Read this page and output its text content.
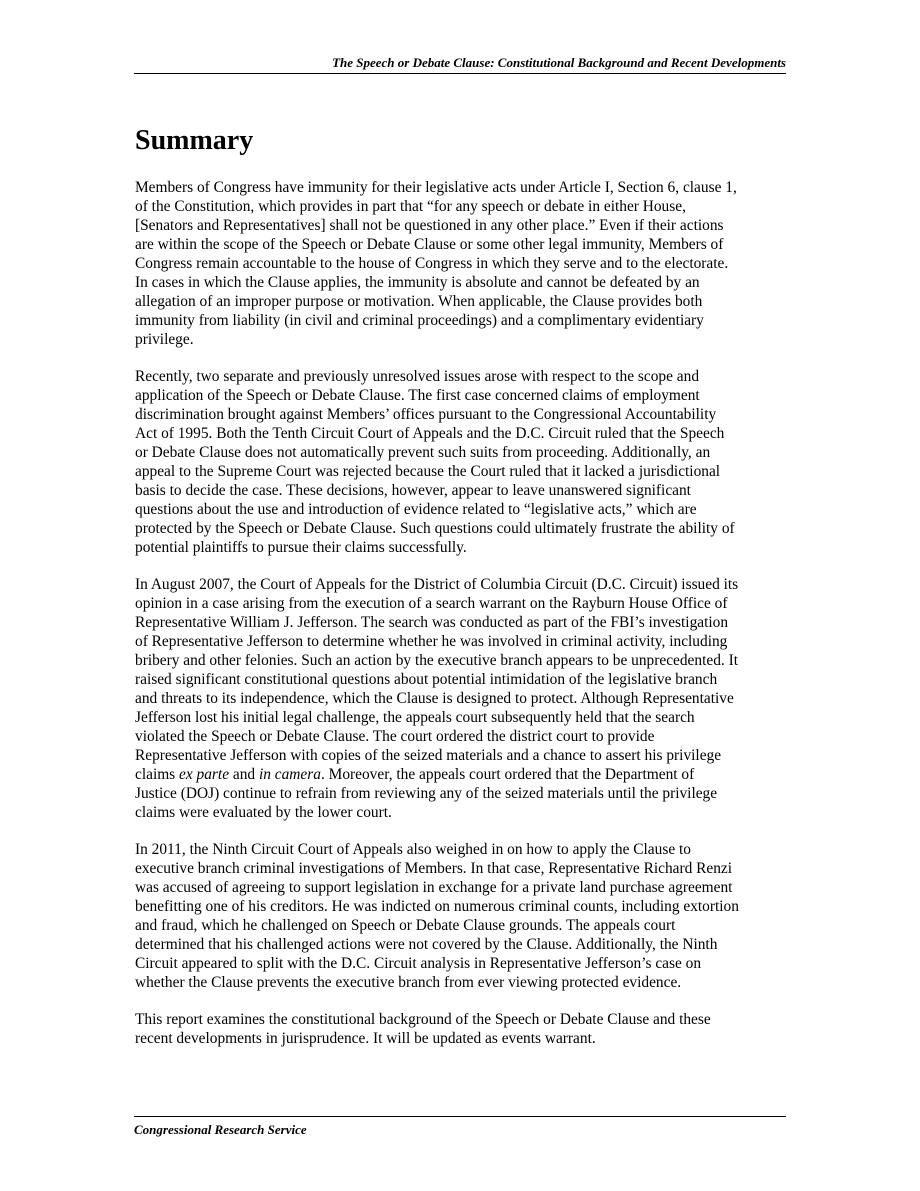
The Speech or Debate Clause: Constitutional Background and Recent Developments
Summary

Members of Congress have immunity for their legislative acts under Article I, Section 6, clause 1,
of the Constitution, which provides in part that “for any speech or debate in either House,
[Senators and Representatives] shall not be questioned in any other place.” Even if their actions
are within the scope of the Speech or Debate Clause or some other legal immunity, Members of
Congress remain accountable to the house of Congress in which they serve and to the electorate.
In cases in which the Clause applies, the immunity is absolute and cannot be defeated by an
allegation of an improper purpose or motivation. When applicable, the Clause provides both
immunity from liability (in civil and criminal proceedings) and a complimentary evidentiary
privilege.

Recently, two separate and previously unresolved issues arose with respect to the scope and
application of the Speech or Debate Clause. The first case concerned claims of employment
discrimination brought against Members’ offices pursuant to the Congressional Accountability
Act of 1995. Both the Tenth Circuit Court of Appeals and the D.C. Circuit ruled that the Speech
or Debate Clause does not automatically prevent such suits from proceeding. Additionally, an
appeal to the Supreme Court was rejected because the Court ruled that it lacked a jurisdictional
basis to decide the case. These decisions, however, appear to leave unanswered significant
questions about the use and introduction of evidence related to “legislative acts,” which are
protected by the Speech or Debate Clause. Such questions could ultimately frustrate the ability of
potential plaintiffs to pursue their claims successfully.

In August 2007, the Court of Appeals for the District of Columbia Circuit (D.C. Circuit) issued its
opinion in a case arising from the execution of a search warrant on the Rayburn House Office of
Representative William J. Jefferson. The search was conducted as part of the FBI’s investigation
of Representative Jefferson to determine whether he was involved in criminal activity, including
bribery and other felonies. Such an action by the executive branch appears to be unprecedented. It
raised significant constitutional questions about potential intimidation of the legislative branch
and threats to its independence, which the Clause is designed to protect. Although Representative
Jefferson lost his initial legal challenge, the appeals court subsequently held that the search
violated the Speech or Debate Clause. The court ordered the district court to provide
Representative Jefferson with copies of the seized materials and a chance to assert his privilege
claims ex parte and in camera. Moreover, the appeals court ordered that the Department of
Justice (DOJ) continue to refrain from reviewing any of the seized materials until the privilege
claims were evaluated by the lower court.

In 2011, the Ninth Circuit Court of Appeals also weighed in on how to apply the Clause to
executive branch criminal investigations of Members. In that case, Representative Richard Renzi
was accused of agreeing to support legislation in exchange for a private land purchase agreement
benefitting one of his creditors. He was indicted on numerous criminal counts, including extortion
and fraud, which he challenged on Speech or Debate Clause grounds. The appeals court
determined that his challenged actions were not covered by the Clause. Additionally, the Ninth
Circuit appeared to split with the D.C. Circuit analysis in Representative Jefferson’s case on
whether the Clause prevents the executive branch from ever viewing protected evidence.

This report examines the constitutional background of the Speech or Debate Clause and these
recent developments in jurisprudence. It will be updated as events warrant.

Congressional Research Service
